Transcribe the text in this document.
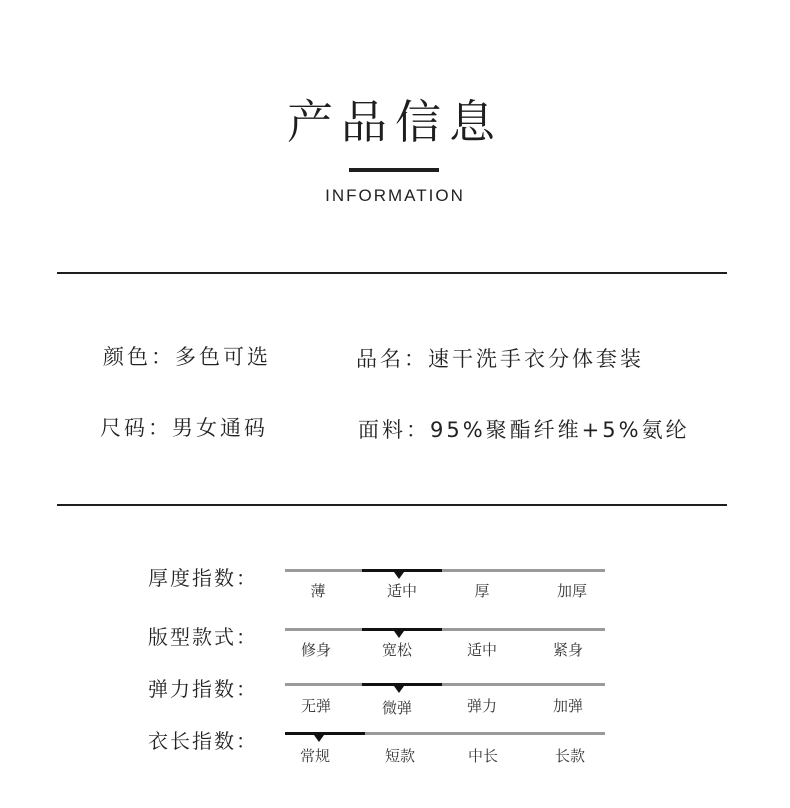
产品信息
INFORMATION
颜色：多色可选	品名：速干洗手衣分体套装
尺码：男女通码	面料：95%聚酯纤维+5%氨纶
厚度指数：
薄	适中	厚	加厚
版型款式：
修身	宽松	适中	紧身
弹力指数：
无弹	微弹	弹力	加弹
衣长指数：
常规	短款	中长	长款
